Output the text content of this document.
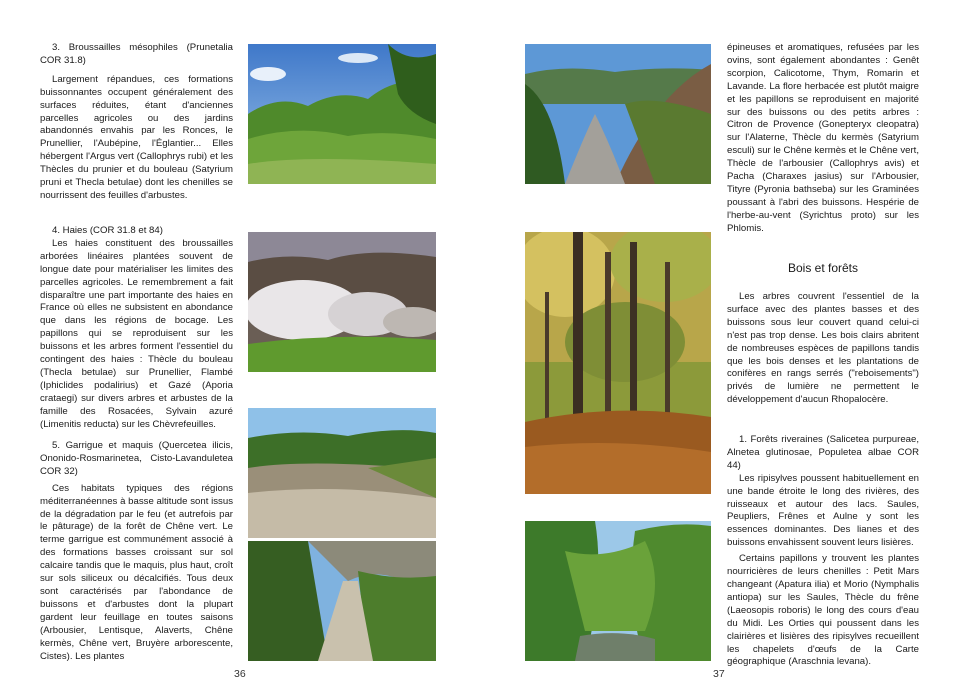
3. Broussailles mésophiles (Prunetalia COR 31.8)

Largement répandues, ces formations buissonnantes occupent généralement des surfaces réduites, étant d'anciennes parcelles agricoles ou des jardins abandonnés envahis par les Ronces, le Prunellier, l'Aubépine, l'Églantier... Elles hébergent l'Argus vert (Callophrys rubi) et les Thècles du prunier et du bouleau (Satyrium pruni et Thecla betulae) dont les chenilles se nourrissent des feuilles d'arbustes.

4. Haies (COR 31.8 et 84)

Les haies constituent des broussailles arborées linéaires plantées souvent de longue date pour matérialiser les limites des parcelles agricoles. Le remembrement a fait disparaître une part importante des haies en France où elles ne subsistent en abondance que dans les régions de bocage. Les papillons qui se reproduisent sur les buissons et les arbres forment l'essentiel du contingent des haies : Thècle du bouleau (Thecla betulae) sur Prunellier, Flambé (Iphiclides podalirius) et Gazé (Aporia crataegi) sur divers arbres et arbustes de la famille des Rosacées, Sylvain azuré (Limenitis reducta) sur les Chèvrefeuilles.

5. Garrigue et maquis (Quercetea ilicis, Ononido-Rosmarinetea, Cisto-Lavanduletea COR 32)

Ces habitats typiques des régions méditerranéennes à basse altitude sont issus de la dégradation par le feu (et autrefois par le pâturage) de la forêt de Chêne vert. Le terme garrigue est communément associé à des formations basses croissant sur sol calcaire tandis que le maquis, plus haut, croît sur sols siliceux ou décalcifiés. Tous deux sont caractérisés par l'abondance de buissons et d'arbustes dont la plupart gardent leur feuillage en toutes saisons (Arbousier, Lentisque, Alaverts, Chêne kermès, Chêne vert, Bruyère arborescente, Cistes). Les plantes

36

épineuses et aromatiques, refusées par les ovins, sont également abondantes : Genêt scorpion, Calicotome, Thym, Romarin et Lavande. La flore herbacée est plutôt maigre et les papillons se reproduisent en majorité sur des buissons ou des petits arbres : Citron de Provence (Gonepteryx cleopatra) sur l'Alaterne, Thècle du kermès (Satyrium esculi) sur le Chêne kermès et le Chêne vert, Thècle de l'arbousier (Callophrys avis) et Pacha (Charaxes jasius) sur l'Arbousier, Tityre (Pyronia bathseba) sur les Graminées poussant à l'abri des buissons. Hespérie de l'herbe-au-vent (Syrichtus proto) sur les Phlomis.

Bois et forêts

Les arbres couvrent l'essentiel de la surface avec des plantes basses et des buissons sous leur couvert quand celui-ci n'est pas trop dense. Les bois clairs abritent de nombreuses espèces de papillons tandis que les bois denses et les plantations de conifères en rangs serrés ("reboisements") privés de lumière ne permettent le développement d'aucun Rhopalocère.

1. Forêts riveraines (Salicetea purpureae, Alnetea glutinosae, Populetea albae COR 44)

Les ripisylves poussent habituellement en une bande étroite le long des rivières, des ruisseaux et autour des lacs. Saules, Peupliers, Frênes et Aulne y sont les essences dominantes. Des lianes et des buissons envahissent souvent leurs lisières.

Certains papillons y trouvent les plantes nourricières de leurs chenilles : Petit Mars changeant (Apatura ilia) et Morio (Nymphalis antiopa) sur les Saules, Thècle du frêne (Laeosopis roboris) le long des cours d'eau du Midi. Les Orties qui poussent dans les clairières et lisières des ripisylves recueillent les chapelets d'œufs de la Carte géographique (Araschnia levana).

37
